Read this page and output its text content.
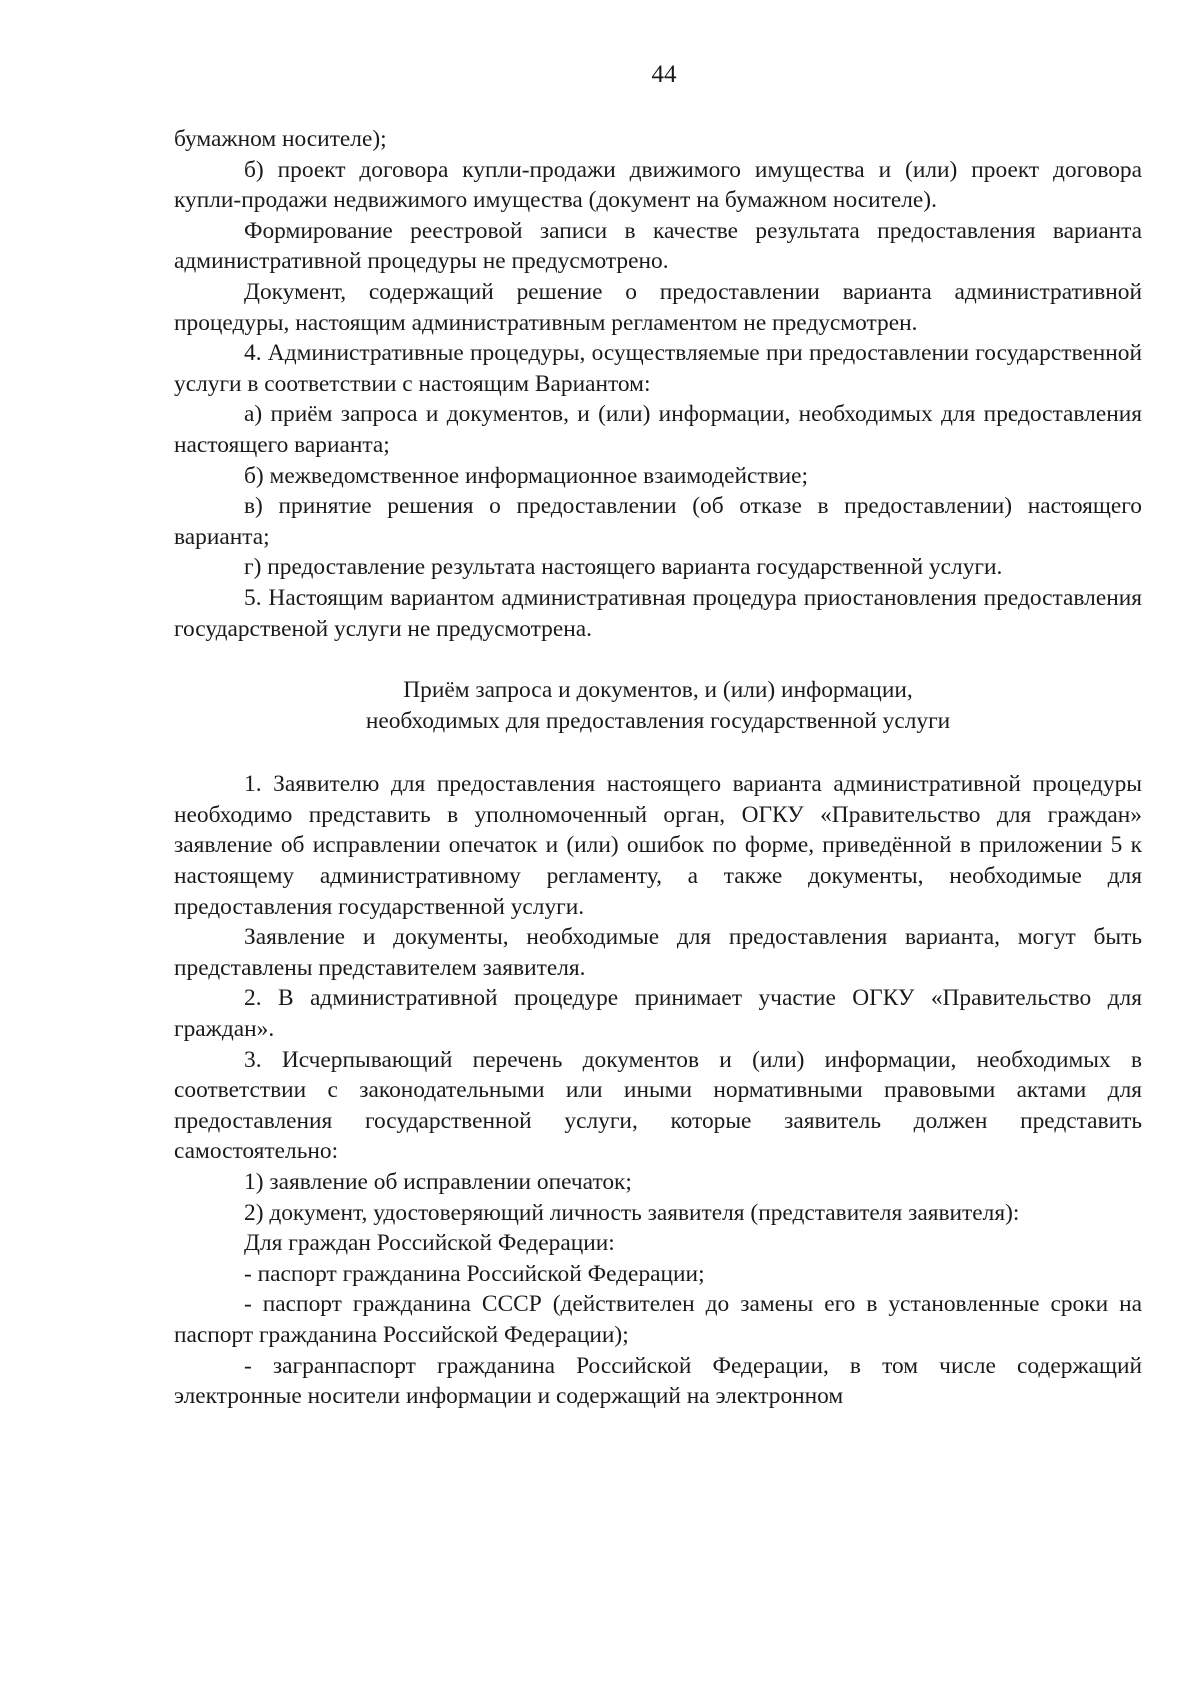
44

бумажном носителе);

б) проект договора купли-продажи движимого имущества и (или) проект договора купли-продажи недвижимого имущества (документ на бумажном носителе).

Формирование реестровой записи в качестве результата предоставления варианта административной процедуры не предусмотрено.

Документ, содержащий решение о предоставлении варианта административной процедуры, настоящим административным регламентом не предусмотрен.

4. Административные процедуры, осуществляемые при предоставлении государственной услуги в соответствии с настоящим Вариантом:

а) приём запроса и документов, и (или) информации, необходимых для предоставления настоящего варианта;

б) межведомственное информационное взаимодействие;

в) принятие решения о предоставлении (об отказе в предоставлении) настоящего варианта;

г) предоставление результата настоящего варианта государственной услуги.

5. Настоящим вариантом административная процедура приостановления предоставления государственой услуги не предусмотрена.

Приём запроса и документов, и (или) информации,
необходимых для предоставления государственной услуги

1. Заявителю для предоставления настоящего варианта административной процедуры необходимо представить в уполномоченный орган, ОГКУ «Правительство для граждан» заявление об исправлении опечаток и (или) ошибок по форме, приведённой в приложении 5 к настоящему административному регламенту, а также документы, необходимые для предоставления государственной услуги.

Заявление и документы, необходимые для предоставления варианта, могут быть представлены представителем заявителя.

2. В административной процедуре принимает участие ОГКУ «Правительство для граждан».

3. Исчерпывающий перечень документов и (или) информации, необходимых в соответствии с законодательными или иными нормативными правовыми актами для предоставления государственной услуги, которые заявитель должен представить самостоятельно:

1) заявление об исправлении опечаток;

2) документ, удостоверяющий личность заявителя (представителя заявителя):

Для граждан Российской Федерации:

- паспорт гражданина Российской Федерации;

- паспорт гражданина СССР (действителен до замены его в установленные сроки на паспорт гражданина Российской Федерации);

- загранпаспорт гражданина Российской Федерации, в том числе содержащий электронные носители информации и содержащий на электронном
